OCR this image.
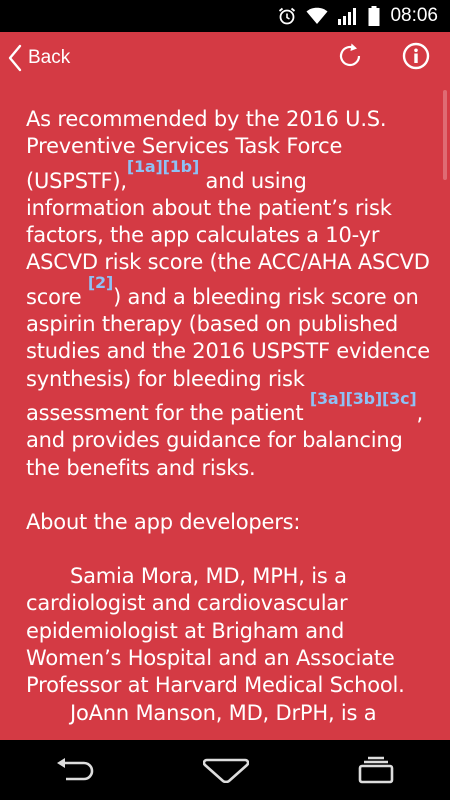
08:06
Back

As recommended by the 2016 U.S. Preventive Services Task Force (USPSTF),[1a][1b] and using information about the patient’s risk factors, the app calculates a 10-yr ASCVD risk score (the ACC/AHA ASCVD score [2]) and a bleeding risk score on aspirin therapy (based on published studies and the 2016 USPSTF evidence synthesis) for bleeding risk assessment for the patient [3a][3b][3c], and provides guidance for balancing the benefits and risks.

About the app developers:

Samia Mora, MD, MPH, is a cardiologist and cardiovascular epidemiologist at Brigham and Women’s Hospital and an Associate Professor at Harvard Medical School.

JoAnn Manson, MD, DrPH, is a
